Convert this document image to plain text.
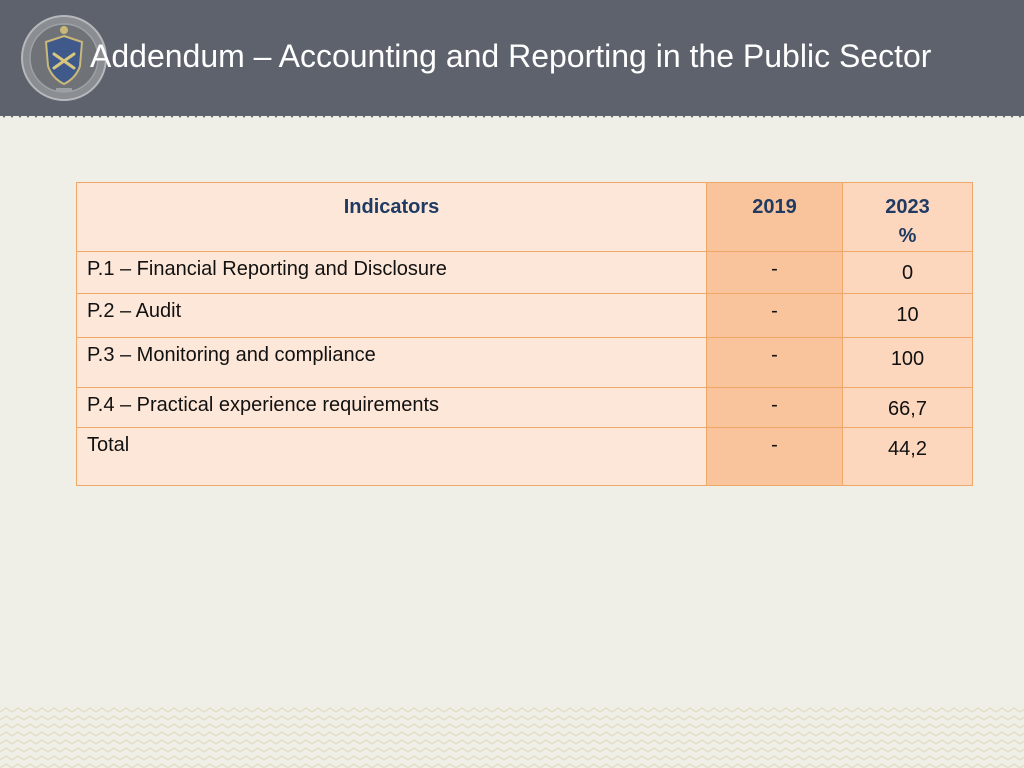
Addendum – Accounting and Reporting in the Public Sector
Indicators	2019	2023
%
P.1 – Financial Reporting and Disclosure	-	0
P.2 – Audit	-	10
P.3 – Monitoring and compliance	-	100
P.4 – Practical experience requirements	-	66,7
Total	-	44,2
